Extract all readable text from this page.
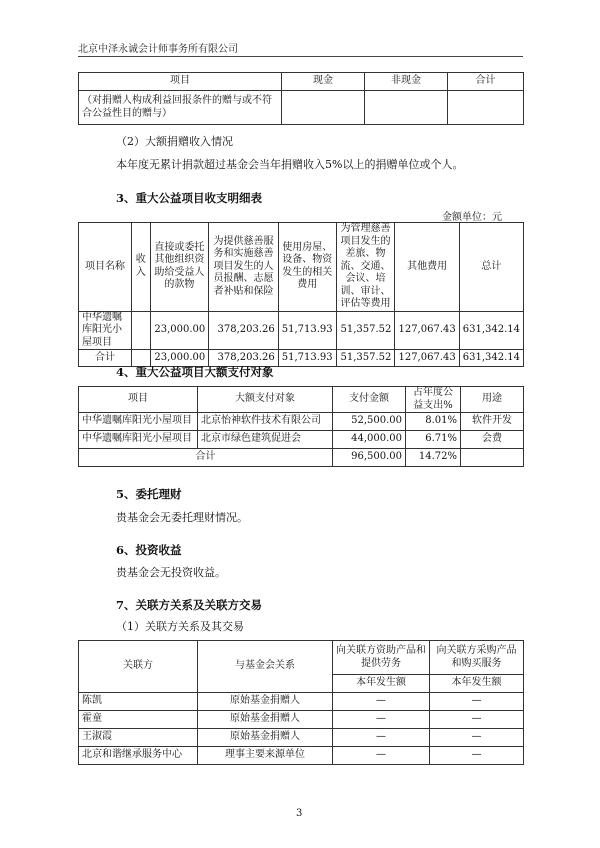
北京中泽永诚会计师事务所有限公司
项目	现金	非现金	合计
（对捐赠人构成利益回报条件的赠与或不符合公益性目的赠与）			
（2）大额捐赠收入情况
本年度无累计捐款超过基金会当年捐赠收入5%以上的捐赠单位或个人。
3、重大公益项目收支明细表
金额单位：元
项目名称	收入	直接或委托其他组织资助给受益人的款物	为提供慈善服务和实施慈善项目发生的人员报酬、志愿者补贴和保险	使用房屋、设备、物资发生的相关费用	为管理慈善项目发生的差旅、物流、交通、会议、培训、审计、评估等费用	其他费用	总计
中华遗嘱库阳光小屋项目		23,000.00	378,203.26	51,713.93	51,357.52	127,067.43	631,342.14
合计		23,000.00	378,203.26	51,713.93	51,357.52	127,067.43	631,342.14
4、重大公益项目大额支付对象
项目	大额支付对象	支付金额	占年度公益支出%	用途
中华遗嘱库阳光小屋项目	北京怡神软件技术有限公司	52,500.00	8.01%	软件开发
中华遗嘱库阳光小屋项目	北京市绿色建筑促进会	44,000.00	6.71%	会费
合计		96,500.00	14.72%	
5、委托理财
贵基金会无委托理财情况。
6、投资收益
贵基金会无投资收益。
7、关联方关系及关联方交易
（1）关联方关系及其交易
关联方	与基金会关系	向关联方资助产品和提供劳务	向关联方采购产品和购买服务
		本年发生额	本年发生额
陈凯	原始基金捐赠人	—	—
霍童	原始基金捐赠人	—	—
王淑霞	原始基金捐赠人	—	—
北京和谐继承服务中心	理事主要来源单位	—	—
3
